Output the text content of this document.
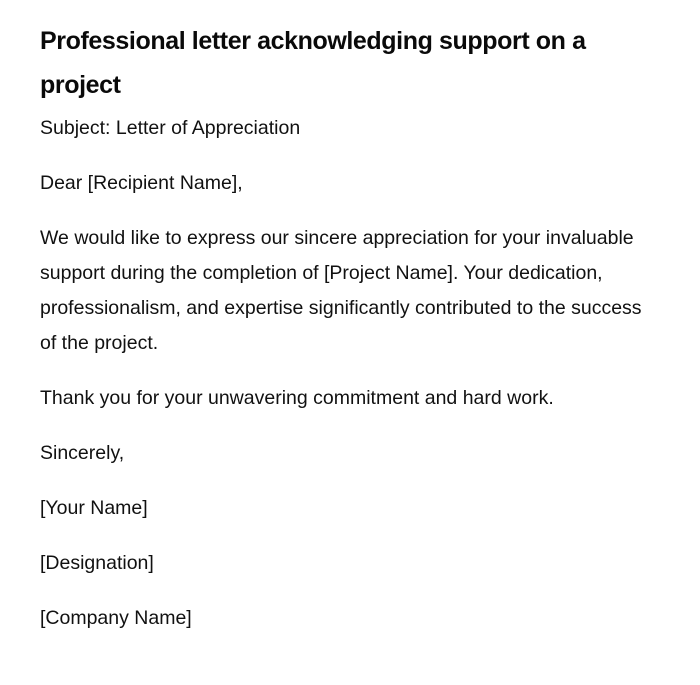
Professional letter acknowledging support on a project

Subject: Letter of Appreciation

Dear [Recipient Name],

We would like to express our sincere appreciation for your invaluable support during the completion of [Project Name]. Your dedication, professionalism, and expertise significantly contributed to the success of the project.

Thank you for your unwavering commitment and hard work.

Sincerely,

[Your Name]

[Designation]

[Company Name]
